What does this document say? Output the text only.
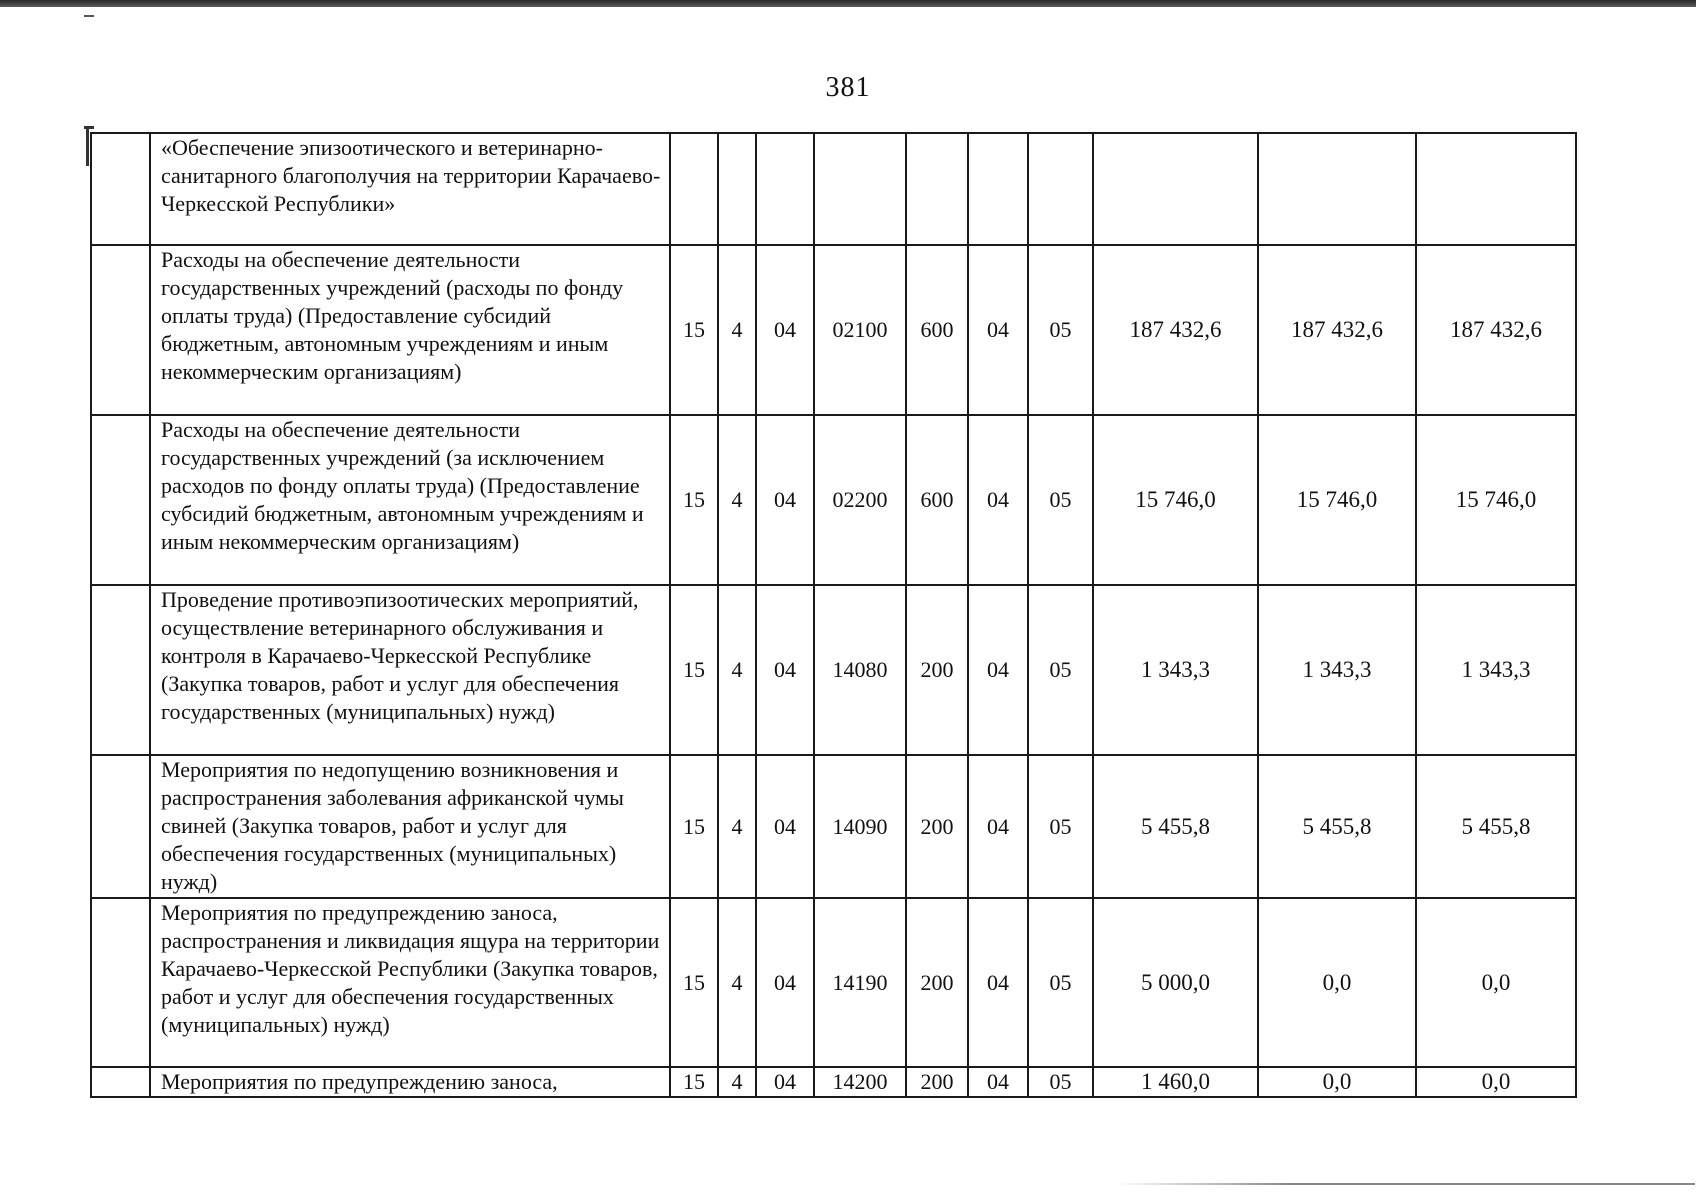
381
	«Обеспечение эпизоотического и ветеринарно-санитарного благополучия на территории Карачаево-Черкесской Республики»										
	Расходы на обеспечение деятельности государственных учреждений (расходы по фонду оплаты труда) (Предоставление субсидий бюджетным, автономным учреждениям и иным некоммерческим организациям)	15	4	04	02100	600	04	05	187 432,6	187 432,6	187 432,6
	Расходы на обеспечение деятельности государственных учреждений (за исключением расходов по фонду оплаты труда) (Предоставление субсидий бюджетным, автономным учреждениям и иным некоммерческим организациям)	15	4	04	02200	600	04	05	15 746,0	15 746,0	15 746,0
	Проведение противоэпизоотических мероприятий, осуществление ветеринарного обслуживания и контроля в Карачаево-Черкесской Республике (Закупка товаров, работ и услуг для обеспечения государственных (муниципальных) нужд)	15	4	04	14080	200	04	05	1 343,3	1 343,3	1 343,3
	Мероприятия по недопущению возникновения и распространения заболевания африканской чумы свиней (Закупка товаров, работ и услуг для обеспечения государственных (муниципальных) нужд)	15	4	04	14090	200	04	05	5 455,8	5 455,8	5 455,8
	Мероприятия по предупреждению заноса, распространения и ликвидация ящура на территории Карачаево-Черкесской Республики (Закупка товаров, работ и услуг для обеспечения государственных (муниципальных) нужд)	15	4	04	14190	200	04	05	5 000,0	0,0	0,0
	Мероприятия по предупреждению заноса,	15	4	04	14200	200	04	05	1 460,0	0,0	0,0
